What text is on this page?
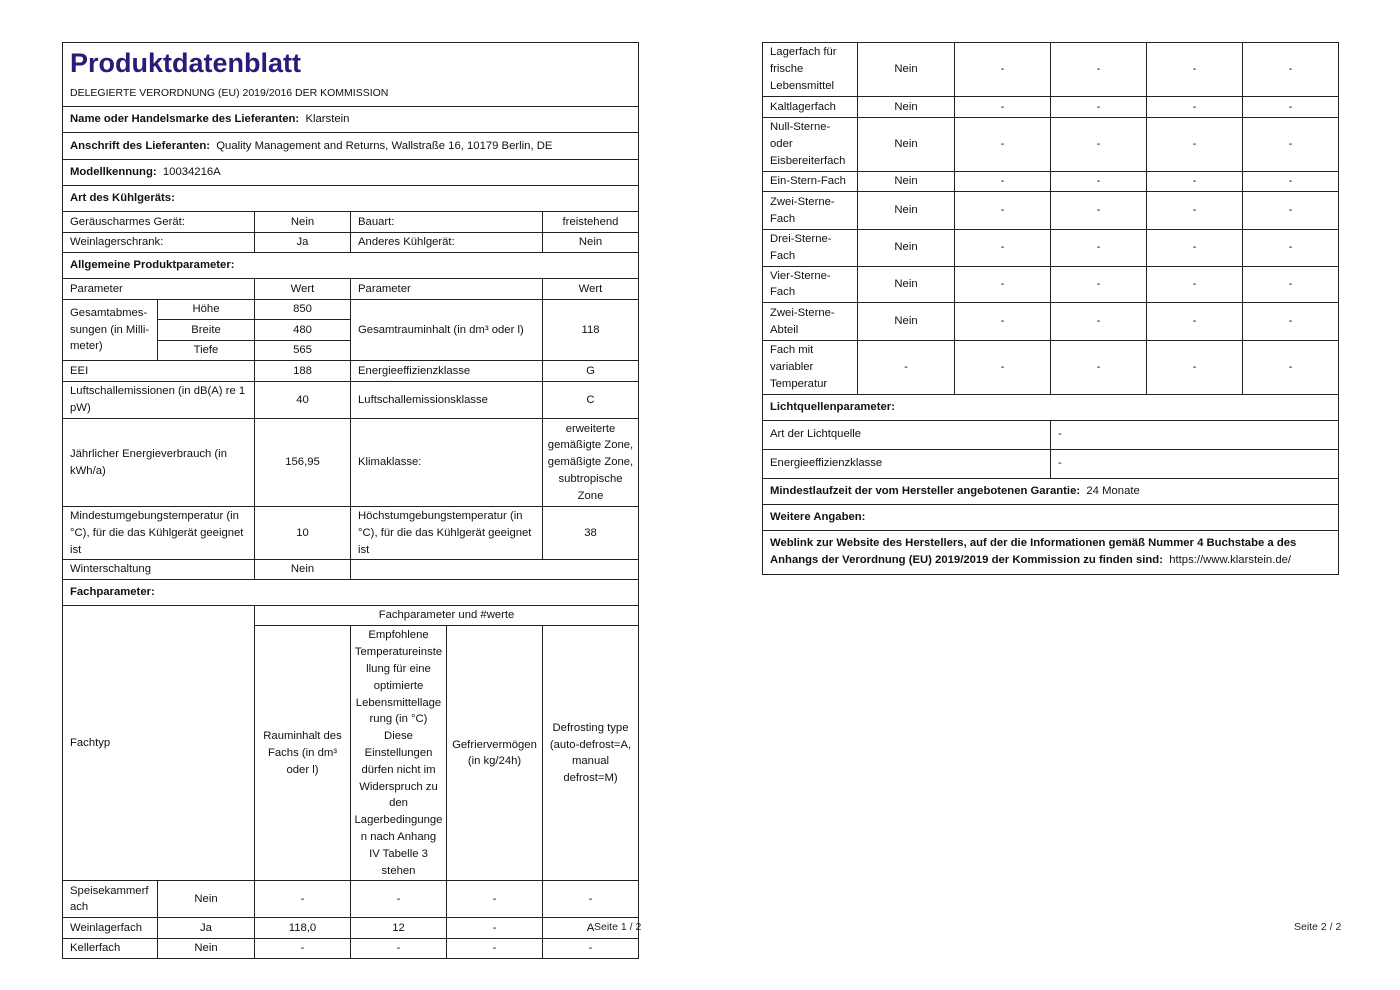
Produktdatenblatt
DELEGIERTE VERORDNUNG (EU) 2019/2016 DER KOMMISSION					

Name oder Handelsmarke des Lieferanten: Klarstein					
Anschrift des Lieferanten: Quality Management and Returns, Wallstraße 16, 10179 Berlin, DE					
Modellkennung: 10034216A					
Art des Kühlgeräts:					
Geräuscharmes Gerät:		Nein	Bauart:		freistehend
Weinlagerschrank:		Ja	Anderes Kühlgerät:		Nein
Allgemeine Produktparameter:					
Parameter		Wert	Parameter		Wert
Gesamtabmes-sungen (in Milli-meter)	Höhe	850	Gesamtrauminhalt (in dm³ oder l)		118
	Breite	480			
	Tiefe	565			
EEI		188	Energieeffizienzklasse		G
Luftschallemissionen (in dB(A) re 1 pW)		40	Luftschallemissionsklasse		C
Jährlicher Energieverbrauch (in kWh/a)		156,95	Klimaklasse:		erweiterte gemäßigte Zone, gemäßigte Zone, subtropische Zone
Mindestumgebungstemperatur (in °C), für die das Kühlgerät geeignet ist		10	Höchstumgebungstemperatur (in °C), für die das Kühlgerät geeignet ist		38
Winterschaltung		Nein			
Fachparameter:					
Fachtyp		Fachparameter und #werte			
		Rauminhalt des Fachs (in dm³ oder l)	Empfohlene Temperatureinstellung für eine optimierte Lebensmittellagerung (in °C) Diese Einstellungen dürfen nicht im Widerspruch zu den Lagerbedingungen nach Anhang IV Tabelle 3 stehen	Gefriervermögen (in kg/24h)	Defrosting type (auto-defrost=A, manual defrost=M)
Speisekammerfach	Nein	-	-	-	-
Weinlagerfach	Ja	118,0	12	-	A
Kellerfach	Nein	-	-	-	-
Seite 1 / 2
Lagerfach für frische Lebensmittel	Nein	-	-	-	-
Kaltlagerfach	Nein	-	-	-	-
Null-Sterne- oder Eisbereiterfach	Nein	-	-	-	-
Ein-Stern-Fach	Nein	-	-	-	-
Zwei-Sterne-Fach	Nein	-	-	-	-
Drei-Sterne-Fach	Nein	-	-	-	-
Vier-Sterne-Fach	Nein	-	-	-	-
Zwei-Sterne-Abteil	Nein	-	-	-	-
Fach mit variabler Temperatur	-	-	-	-	-
Lichtquellenparameter:					
Art der Lichtquelle			-		
Energieeffizienzklasse			-		
Mindestlaufzeit der vom Hersteller angebotenen Garantie: 24 Monate					
Weitere Angaben:					
Weblink zur Website des Herstellers, auf der die Informationen gemäß Nummer 4 Buchstabe a des Anhangs der Verordnung (EU) 2019/2019 der Kommission zu finden sind: https://www.klarstein.de/					
Seite 2 / 2
